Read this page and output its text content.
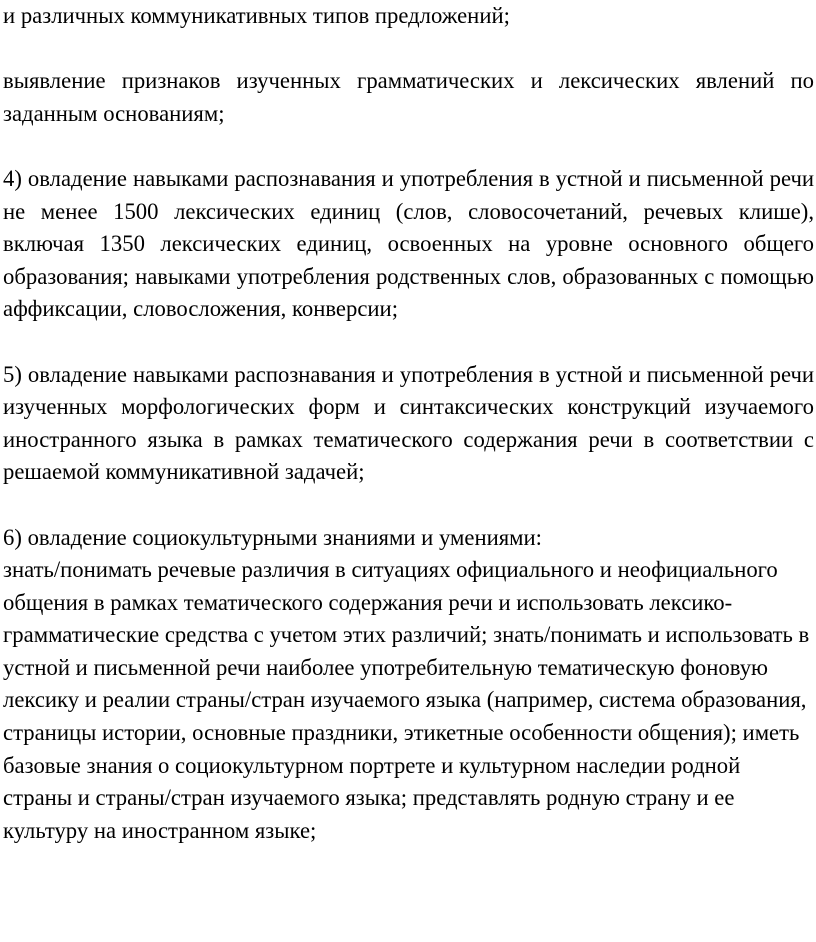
и различных коммуникативных типов предложений;

выявление признаков изученных грамматических и лексических явлений по заданным основаниям;

4) овладение навыками распознавания и употребления в устной и письменной речи не менее 1500 лексических единиц (слов, словосочетаний, речевых клише), включая 1350 лексических единиц, освоенных на уровне основного общего образования; навыками употребления родственных слов, образованных с помощью аффиксации, словосложения, конверсии;

5) овладение навыками распознавания и употребления в устной и письменной речи изученных морфологических форм и синтаксических конструкций изучаемого иностранного языка в рамках тематического содержания речи в соответствии с решаемой коммуникативной задачей;

6) овладение социокультурными знаниями и умениями:

знать/понимать речевые различия в ситуациях официального и неофициального общения в рамках тематического содержания речи и использовать лексико-грамматические средства с учетом этих различий; знать/понимать и использовать в устной и письменной речи наиболее употребительную тематическую фоновую лексику и реалии страны/стран изучаемого языка (например, система образования, страницы истории, основные праздники, этикетные особенности общения); иметь базовые знания о социокультурном портрете и культурном наследии родной страны и страны/стран изучаемого языка; представлять родную страну и ее культуру на иностранном языке;
